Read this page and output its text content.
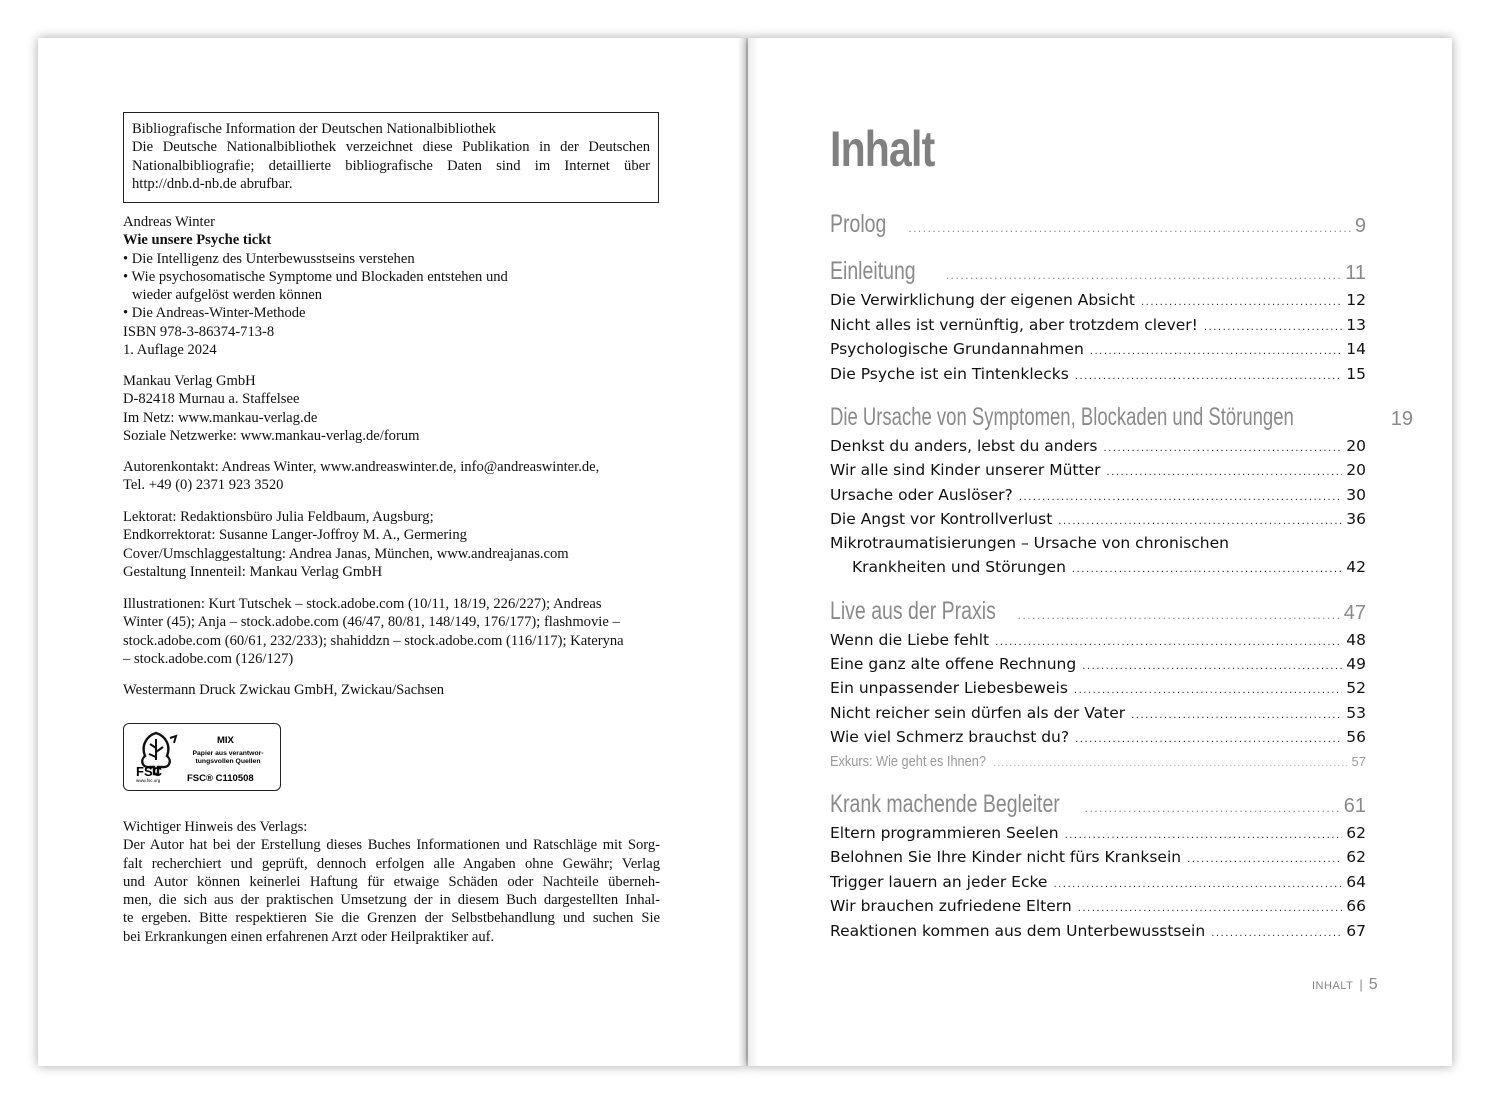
Bibliografische Information der Deutschen Nationalbibliothek
Die Deutsche Nationalbibliothek verzeichnet diese Publikation in der Deutschen
Nationalbibliografie; detaillierte bibliografische Daten sind im Internet über
http://dnb.d-nb.de abrufbar.
Andreas Winter
Wie unsere Psyche tickt
• Die Intelligenz des Unterbewusstseins verstehen
• Wie psychosomatische Symptome und Blockaden entstehen und
wieder aufgelöst werden können
• Die Andreas-Winter-Methode
ISBN 978-3-86374-713-8
1. Auflage 2024
Mankau Verlag GmbH
D-82418 Murnau a. Staffelsee
Im Netz: www.mankau-verlag.de
Soziale Netzwerke: www.mankau-verlag.de/forum
Autorenkontakt: Andreas Winter, www.andreaswinter.de, info@andreaswinter.de,
Tel. +49 (0) 2371 923 3520
Lektorat: Redaktionsbüro Julia Feldbaum, Augsburg;
Endkorrektorat: Susanne Langer-Joffroy M. A., Germering
Cover/Umschlaggestaltung: Andrea Janas, München, www.andreajanas.com
Gestaltung Innenteil: Mankau Verlag GmbH
Illustrationen: Kurt Tutschek – stock.adobe.com (10/11, 18/19, 226/227); Andreas
Winter (45); Anja – stock.adobe.com (46/47, 80/81, 148/149, 176/177); flashmovie –
stock.adobe.com (60/61, 232/233); shahiddzn – stock.adobe.com (116/117); Kateryna
– stock.adobe.com (126/127)
Westermann Druck Zwickau GmbH, Zwickau/Sachsen
FSC
www.fsc.org
MIX
Papier aus verantwor-
tungsvollen Quellen
FSC® C110508
Wichtiger Hinweis des Verlags:
Der Autor hat bei der Erstellung dieses Buches Informationen und Ratschläge mit Sorg-
falt recherchiert und geprüft, dennoch erfolgen alle Angaben ohne Gewähr; Verlag
und Autor können keinerlei Haftung für etwaige Schäden oder Nachteile überneh-
men, die sich aus der praktischen Umsetzung der in diesem Buch dargestellten Inhal-
te ergeben. Bitte respektieren Sie die Grenzen der Selbstbehandlung und suchen Sie
bei Erkrankungen einen erfahrenen Arzt oder Heilpraktiker auf.
Inhalt
Prolog .....	9
Einleitung .....	11
Die Verwirklichung der eigenen Absicht .....	12
Nicht alles ist vernünftig, aber trotzdem clever! .....	13
Psychologische Grundannahmen .....	14
Die Psyche ist ein Tintenklecks .....	15
Die Ursache von Symptomen, Blockaden und Störungen	19
Denkst du anders, lebst du anders .....	20
Wir alle sind Kinder unserer Mütter .....	20
Ursache oder Auslöser? .....	30
Die Angst vor Kontrollverlust .....	36
Mikrotraumatisierungen – Ursache von chronischen
Krankheiten und Störungen .....	42
Live aus der Praxis .....	47
Wenn die Liebe fehlt .....	48
Eine ganz alte offene Rechnung .....	49
Ein unpassender Liebesbeweis .....	52
Nicht reicher sein dürfen als der Vater .....	53
Wie viel Schmerz brauchst du? .....	56
Exkurs: Wie geht es Ihnen? .....	57
Krank machende Begleiter .....	61
Eltern programmieren Seelen .....	62
Belohnen Sie Ihre Kinder nicht fürs Kranksein .....	62
Trigger lauern an jeder Ecke .....	64
Wir brauchen zufriedene Eltern .....	66
Reaktionen kommen aus dem Unterbewusstsein .....	67
INHALT | 5
